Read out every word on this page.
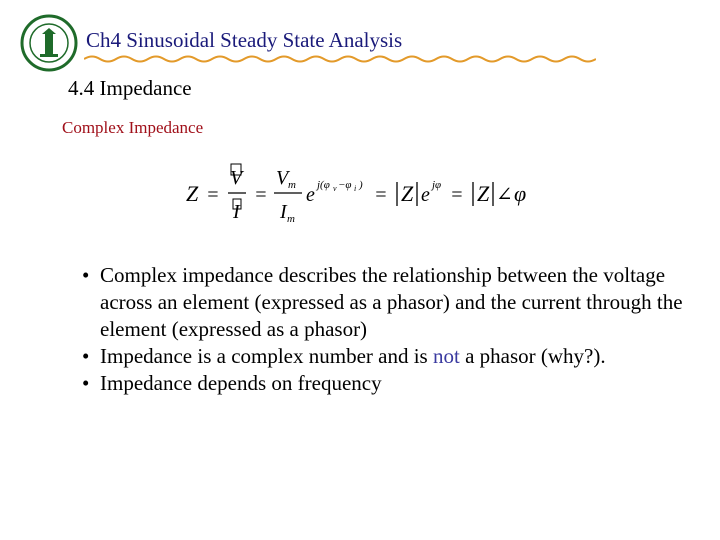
Ch4 Sinusoidal Steady State Analysis
4.4 Impedance
Complex Impedance
Z =
V
I
=
V m
I m
e j(φ v −φ i ) = Z e jφ = Z ∠ φ
• Complex impedance describes the relationship between the voltage across an element (expressed as a phasor) and the current through the element (expressed as a phasor)
• Impedance is a complex number and is not a phasor (why?).
• Impedance depends on frequency
